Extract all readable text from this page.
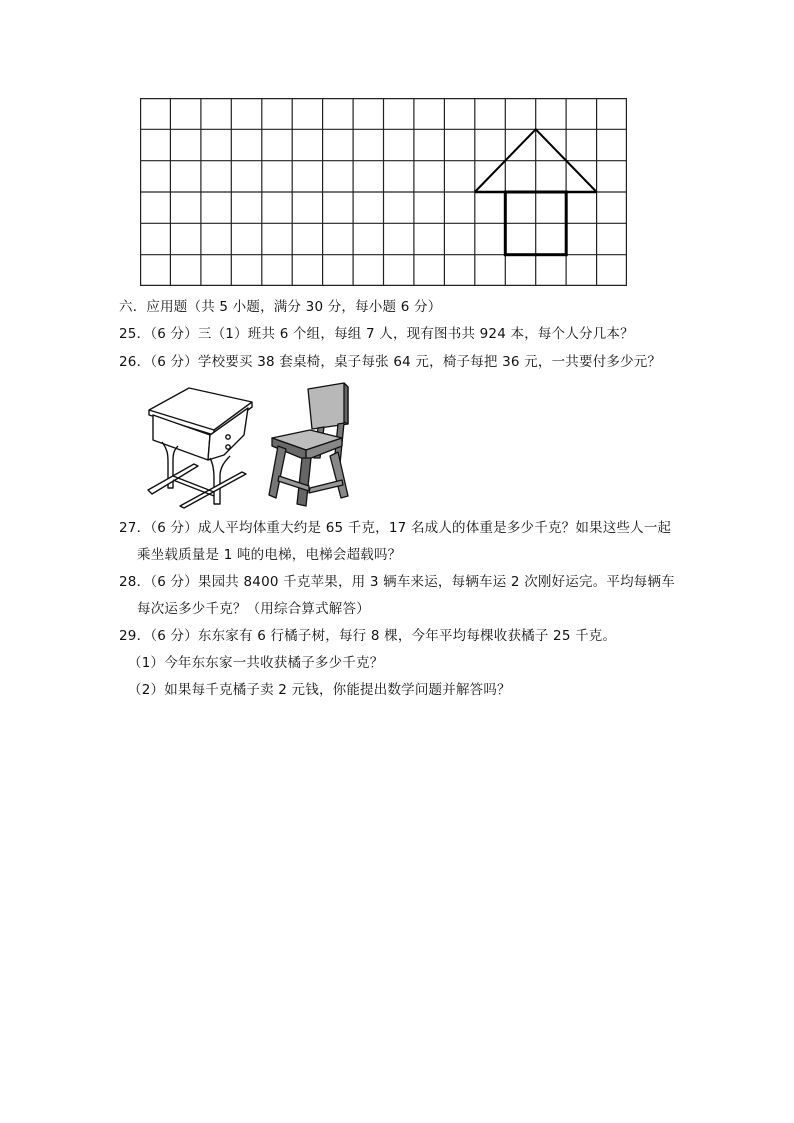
六．应用题（共 5 小题，满分 30 分，每小题 6 分）
25．（6 分）三（1）班共 6 个组，每组 7 人，现有图书共 924 本，每个人分几本？
26．（6 分）学校要买 38 套桌椅，桌子每张 64 元，椅子每把 36 元，一共要付多少元？
27．（6 分）成人平均体重大约是 65 千克，17 名成人的体重是多少千克？如果这些人一起
乘坐载质量是 1 吨的电梯，电梯会超载吗？
28．（6 分）果园共 8400 千克苹果，用 3 辆车来运，每辆车运 2 次刚好运完。平均每辆车
每次运多少千克？（用综合算式解答）
29．（6 分）东东家有 6 行橘子树，每行 8 棵，今年平均每棵收获橘子 25 千克。
（1）今年东东家一共收获橘子多少千克？
（2）如果每千克橘子卖 2 元钱，你能提出数学问题并解答吗？
